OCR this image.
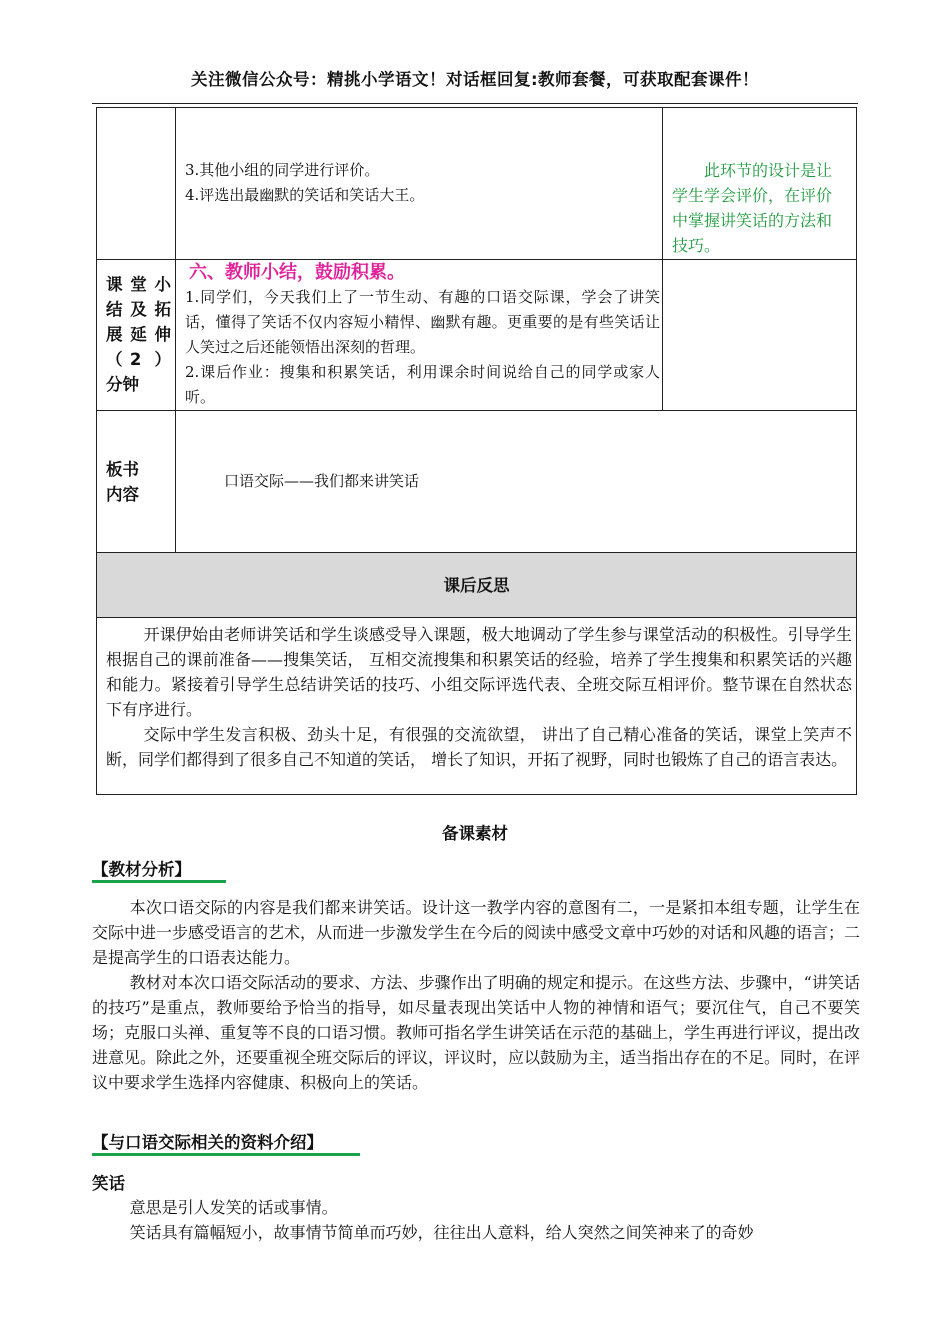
关注微信公众号：精挑小学语文！对话框回复:教师套餐，可获取配套课件！

	3.其他小组的同学进行评价。
4.评选出最幽默的笑话和笑话大王。	此环节的设计是让学生学会评价，在评价中掌握讲笑话的方法和技巧。
课堂小结及拓展延伸（2 ）分钟	六、教师小结，鼓励积累。
1.同学们，今天我们上了一节生动、有趣的口语交际课，学会了讲笑话，懂得了笑话不仅内容短小精悍、幽默有趣。更重要的是有些笑话让人笑过之后还能领悟出深刻的哲理。
2.课后作业：搜集和积累笑话，利用课余时间说给自己的同学或家人听。	

板书内容	口语交际——我们都来讲笑话	
课后反思		

开课伊始由老师讲笑话和学生谈感受导入课题，极大地调动了学生参与课堂活动的积极性。引导学生根据自己的课前准备——搜集笑话， 互相交流搜集和积累笑话的经验，培养了学生搜集和积累笑话的兴趣和能力。紧接着引导学生总结讲笑话的技巧、小组交际评选代表、全班交际互相评价。整节课在自然状态下有序进行。

交际中学生发言积极、劲头十足，有很强的交流欲望， 讲出了自己精心准备的笑话，课堂上笑声不断，同学们都得到了很多自己不知道的笑话， 增长了知识，开拓了视野，同时也锻炼了自己的语言表达。		

备课素材
【教材分析】

本次口语交际的内容是我们都来讲笑话。设计这一教学内容的意图有二，一是紧扣本组专题，让学生在交际中进一步感受语言的艺术，从而进一步激发学生在今后的阅读中感受文章中巧妙的对话和风趣的语言；二是提高学生的口语表达能力。

教材对本次口语交际活动的要求、方法、步骤作出了明确的规定和提示。在这些方法、步骤中，“讲笑话的技巧”是重点，教师要给予恰当的指导，如尽量表现出笑话中人物的神情和语气；要沉住气，自己不要笑场；克服口头禅、重复等不良的口语习惯。教师可指名学生讲笑话在示范的基础上，学生再进行评议，提出改进意见。除此之外，还要重视全班交际后的评议，评议时，应以鼓励为主，适当指出存在的不足。同时，在评议中要求学生选择内容健康、积极向上的笑话。

【与口语交际相关的资料介绍】
笑话

意思是引人发笑的话或事情。

笑话具有篇幅短小，故事情节简单而巧妙，往往出人意料，给人突然之间笑神来了的奇妙
